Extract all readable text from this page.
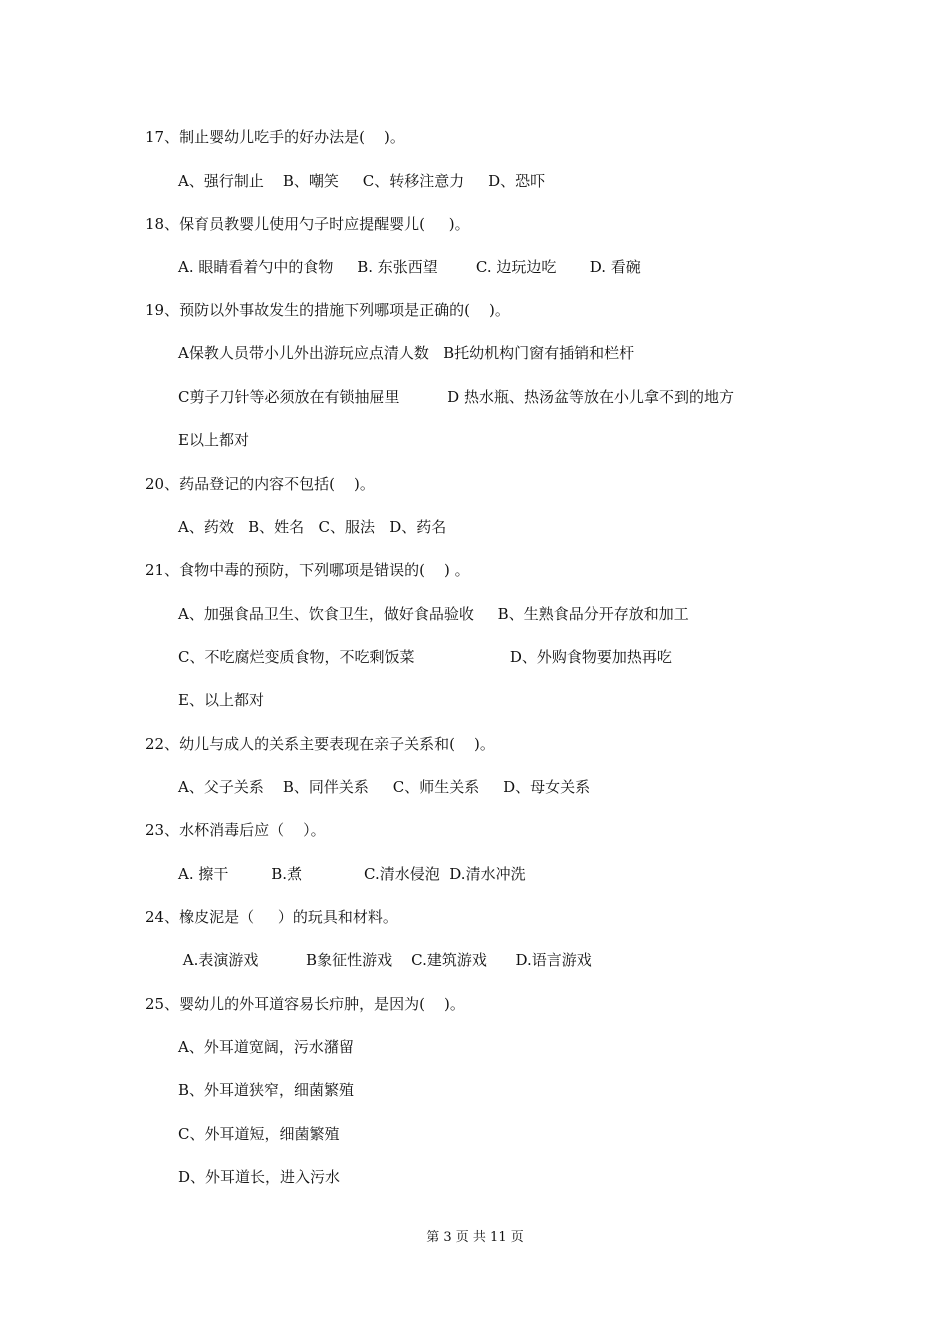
17、制止婴幼儿吃手的好办法是(    )。
A、强行制止    B、嘲笑     C、转移注意力     D、恐吓
18、保育员教婴儿使用勺子时应提醒婴儿(     )。
A. 眼睛看着勺中的食物     B. 东张西望        C. 边玩边吃       D. 看碗
19、预防以外事故发生的措施下列哪项是正确的(    )。
A保教人员带小儿外出游玩应点清人数   B托幼机构门窗有插销和栏杆
C剪子刀针等必须放在有锁抽屉里          D 热水瓶、热汤盆等放在小儿拿不到的地方
E以上都对
20、药品登记的内容不包括(    )。
A、药效   B、姓名   C、服法   D、药名
21、食物中毒的预防，下列哪项是错误的(    ) 。
A、加强食品卫生、饮食卫生，做好食品验收     B、生熟食品分开存放和加工
C、不吃腐烂变质食物，不吃剩饭菜                    D、外购食物要加热再吃
E、以上都对
22、幼儿与成人的关系主要表现在亲子关系和(    )。
A、父子关系    B、同伴关系     C、师生关系     D、母女关系
23、水杯消毒后应（    ）。
A. 擦干         B.煮             C.清水侵泡  D.清水冲洗
24、橡皮泥是（     ）的玩具和材料。
A.表演游戏          B象征性游戏    C.建筑游戏      D.语言游戏
25、婴幼儿的外耳道容易长疖肿，是因为(    )。
A、外耳道宽阔，污水潴留
B、外耳道狭窄，细菌繁殖
C、外耳道短，细菌繁殖
D、外耳道长，进入污水
第 3 页 共 11 页
